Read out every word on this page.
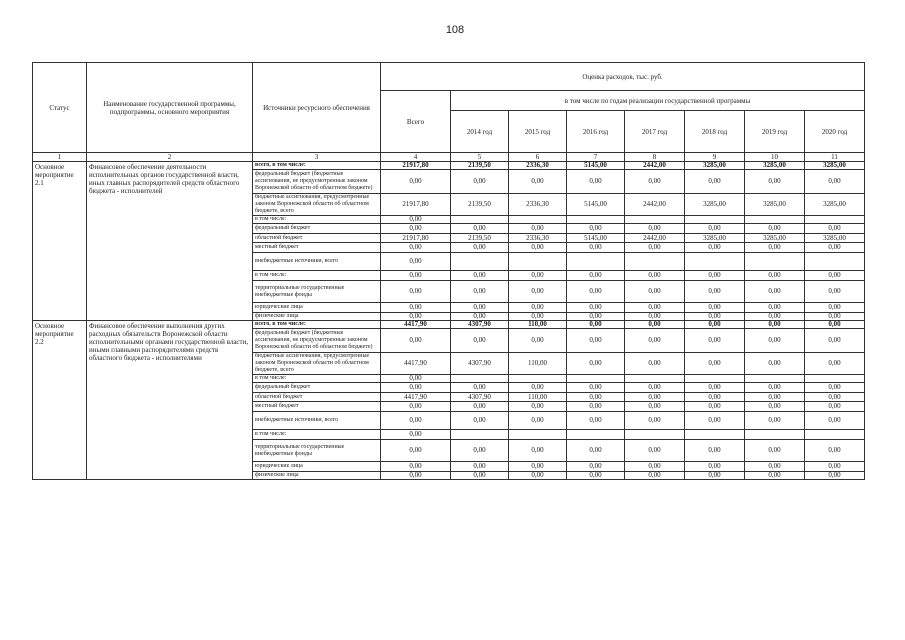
108
Статус	Наименование государственной программы, подпрограммы, основного мероприятия	Источники ресурсного обеспечения	Оценка расходов, тыс. руб.							
			Всего	в том числе по годам реализации государственной программы						
				2014 год	2015 год	2016 год	2017 год	2018 год	2019 год	2020 год
1	2	3	4	5	6	7	8	9	10	11
Основное мероприятие 2.1	Финансовое обеспечение деятельности исполнительных органов государственной власти, иных главных распорядителей средств областного бюджета - исполнителей	всего, в том числе:	21917,80	2139,50	2336,30	5145,00	2442,00	3285,00	3285,00	3285,00
		федеральный бюджет (бюджетные ассигнования, не предусмотренные законом Воронежской области об областном бюджете)	0,00	0,00	0,00	0,00	0,00	0,00	0,00	0,00
		бюджетные ассигнования, предусмотренные законом Воронежской области об областном бюджете, всего	21917,80	2139,50	2336,30	5145,00	2442,00	3285,00	3285,00	3285,00
		в том числе:	0,00							
		федеральный бюджет	0,00	0,00	0,00	0,00	0,00	0,00	0,00	0,00
		областной бюджет	21917,80	2139,50	2336,30	5145,00	2442,00	3285,00	3285,00	3285,00
		местный бюджет	0,00	0,00	0,00	0,00	0,00	0,00	0,00	0,00
		внебюджетные источники, всего	0,00							
		в том числе:	0,00	0,00	0,00	0,00	0,00	0,00	0,00	0,00
		территориальные государственные внебюджетные фонды	0,00	0,00	0,00	0,00	0,00	0,00	0,00	0,00
		юридические лица	0,00	0,00	0,00	0,00	0,00	0,00	0,00	0,00
		физические лица	0,00	0,00	0,00	0,00	0,00	0,00	0,00	0,00
Основное мероприятие 2.2	Финансовое обеспечение выполнения других расходных обязательств Воронежской области исполнительными органами государственной власти, иными главными распорядителями средств областного бюджета - исполнителями	всего, в том числе:	4417,90	4307,90	110,00	0,00	0,00	0,00	0,00	0,00
		федеральный бюджет (бюджетные ассигнования, не предусмотренные законом Воронежской области об областном бюджете)	0,00	0,00	0,00	0,00	0,00	0,00	0,00	0,00
		бюджетные ассигнования, предусмотренные законом Воронежской области об областном бюджете, всего	4417,90	4307,90	110,00	0,00	0,00	0,00	0,00	0,00
		в том числе:	0,00							
		федеральный бюджет	0,00	0,00	0,00	0,00	0,00	0,00	0,00	0,00
		областной бюджет	4417,90	4307,90	110,00	0,00	0,00	0,00	0,00	0,00
		местный бюджет	0,00	0,00	0,00	0,00	0,00	0,00	0,00	0,00
		внебюджетные источники, всего	0,00	0,00	0,00	0,00	0,00	0,00	0,00	0,00
		в том числе:	0,00							
		территориальные государственные внебюджетные фонды	0,00	0,00	0,00	0,00	0,00	0,00	0,00	0,00
		юридические лица	0,00	0,00	0,00	0,00	0,00	0,00	0,00	0,00
		физические лица	0,00	0,00	0,00	0,00	0,00	0,00	0,00	0,00
